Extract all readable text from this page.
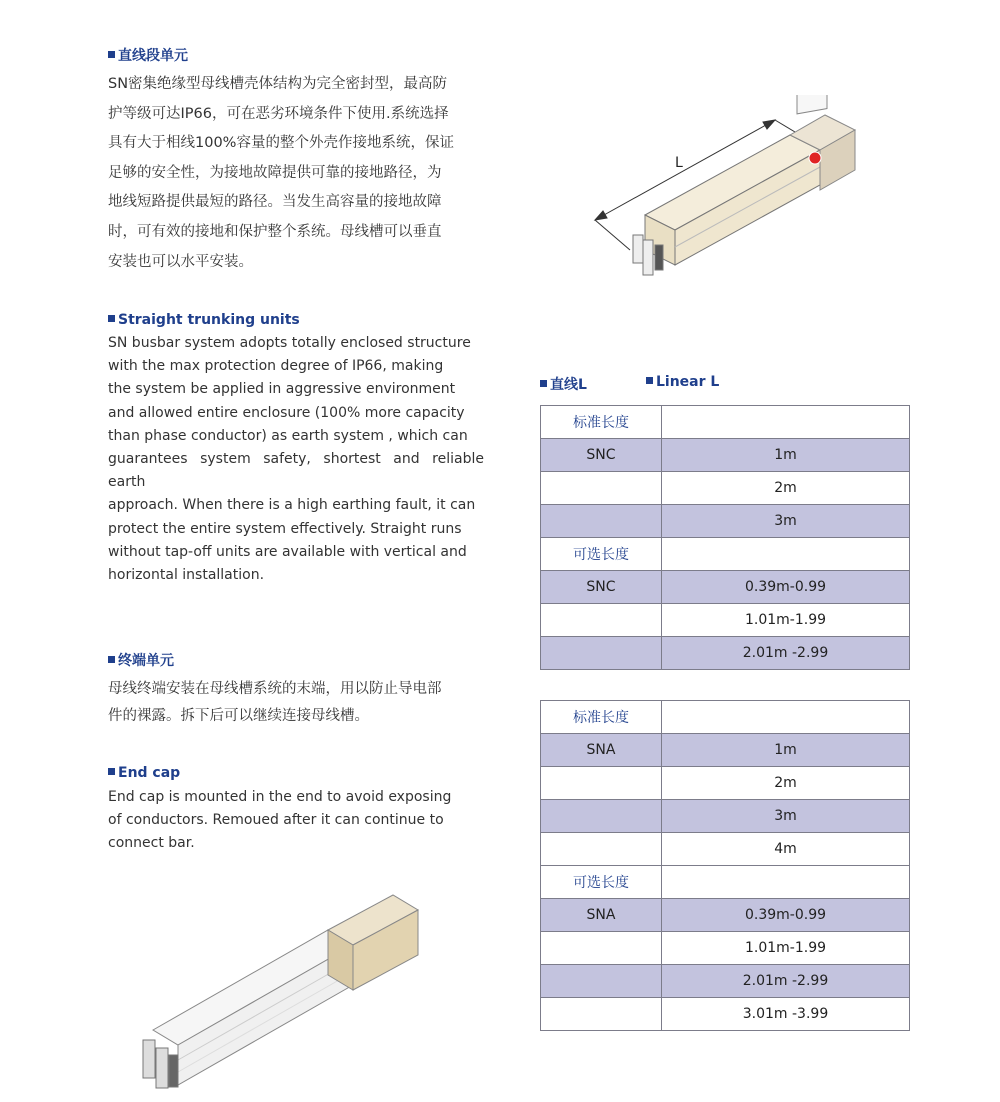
直线段单元
SN密集绝缘型母线槽壳体结构为完全密封型，最高防
护等级可达IP66，可在恶劣环境条件下使用.系统选择
具有大于相线100%容量的整个外壳作接地系统，保证
足够的安全性，为接地故障提供可靠的接地路径，为
地线短路提供最短的路径。当发生高容量的接地故障
时，可有效的接地和保护整个系统。母线槽可以垂直
安装也可以水平安装。
Straight trunking units
SN busbar system adopts totally enclosed structure
with the max protection degree of IP66, making
the system be applied in aggressive environment
and allowed entire enclosure (100% more capacity
than phase conductor) as earth system , which can
guarantees system safety, shortest and reliable earth
approach. When there is a high earthing fault, it can
protect the entire system effectively. Straight runs
without tap-off units are available with vertical and
horizontal installation.
终端单元
母线终端安装在母线槽系统的末端，用以防止导电部
件的裸露。拆下后可以继续连接母线槽。
End cap
End cap is mounted in the end to avoid exposing
of conductors. Remoued after it can continue to
connect bar.
直线L	Linear L
L
标准长度	
SNC	1m
	2m
	3m
可选长度	
SNC	0.39m-0.99
	1.01m-1.99
	2.01m -2.99
标准长度	
SNA	1m
	2m
	3m
	4m
可选长度	
SNA	0.39m-0.99
	1.01m-1.99
	2.01m -2.99
	3.01m -3.99
